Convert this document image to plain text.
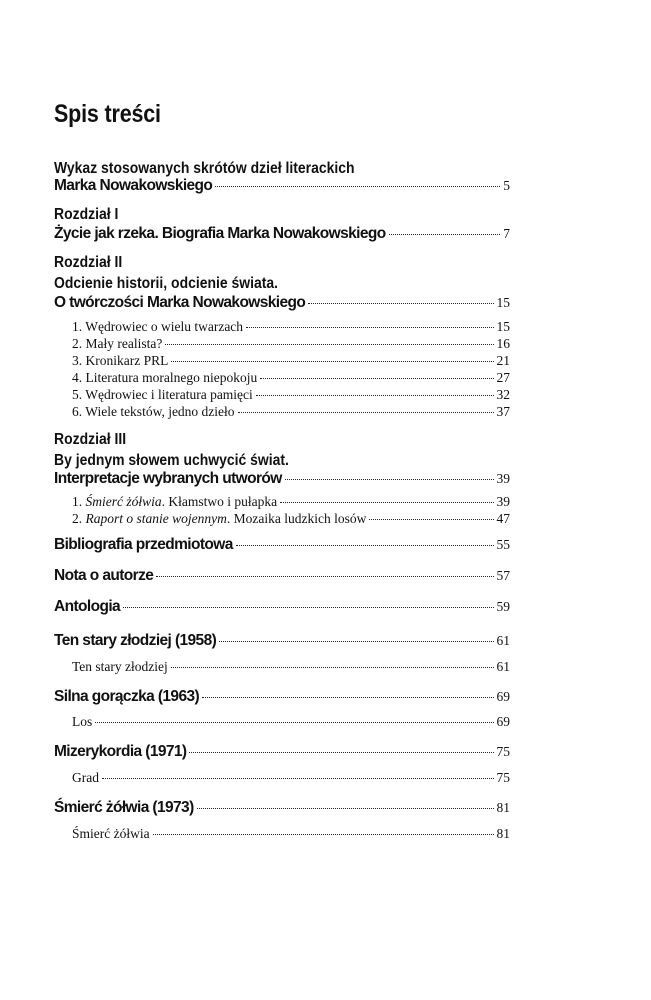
Spis treści
Wykaz stosowanych skrótów dzieł literackich
Marka Nowakowskiego	5
Rozdział I
Życie jak rzeka. Biografia Marka Nowakowskiego	7
Rozdział II
Odcienie historii, odcienie świata.
O twórczości Marka Nowakowskiego	15
1. Wędrowiec o wielu twarzach	15
2. Mały realista?	16
3. Kronikarz PRL	21
4. Literatura moralnego niepokoju	27
5. Wędrowiec i literatura pamięci	32
6. Wiele tekstów, jedno dzieło	37
Rozdział III
By jednym słowem uchwycić świat.
Interpretacje wybranych utworów	39
1. Śmierć żółwia. Kłamstwo i pułapka	39
2. Raport o stanie wojennym. Mozaika ludzkich losów	47
Bibliografia przedmiotowa	55
Nota o autorze	57
Antologia	59
Ten stary złodziej (1958)	61
Ten stary złodziej	61
Silna gorączka (1963)	69
Los	69
Mizerykordia (1971)	75
Grad	75
Śmierć żółwia (1973)	81
Śmierć żółwia	81
